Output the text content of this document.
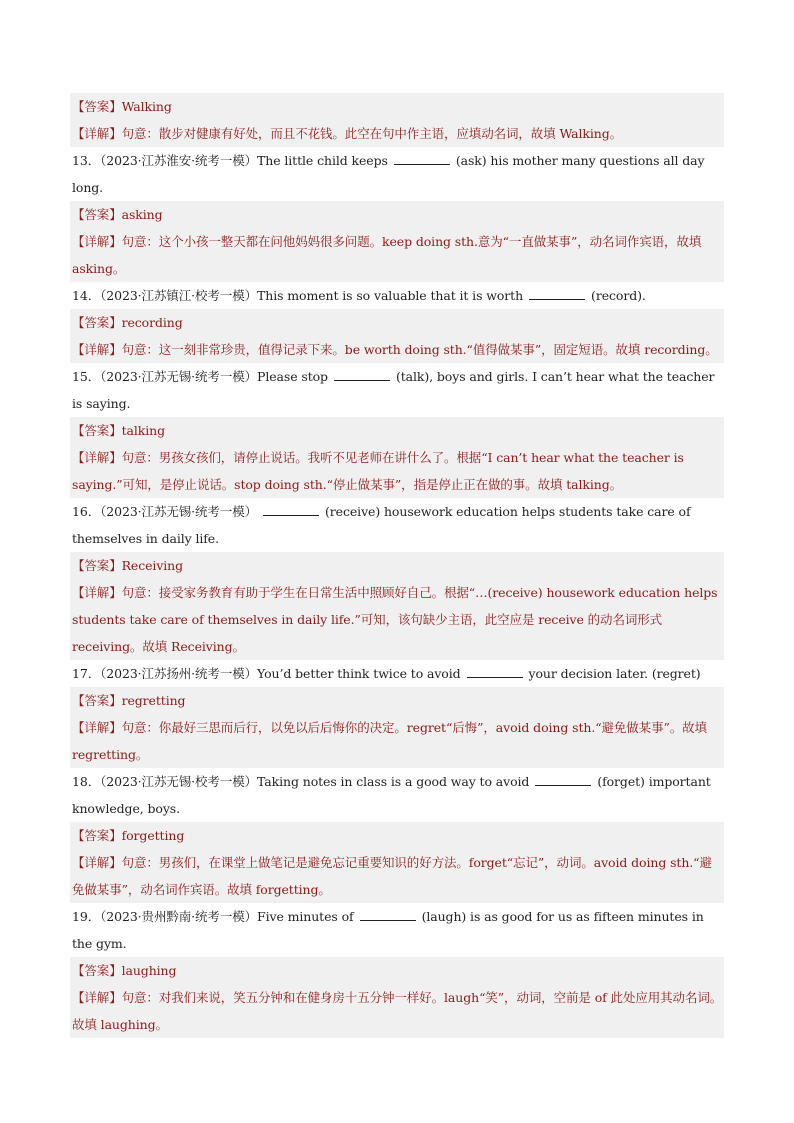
【答案】Walking
【详解】句意：散步对健康有好处，而且不花钱。此空在句中作主语，应填动名词，故填 Walking。
13．（2023·江苏淮安·统考一模）The little child keeps	(ask) his mother many questions all day long.
【答案】asking
【详解】句意：这个小孩一整天都在问他妈妈很多问题。keep doing sth.意为“一直做某事”，动名词作宾语，故填 asking。
14．（2023·江苏镇江·校考一模）This moment is so valuable that it is worth	(record).
【答案】recording
【详解】句意：这一刻非常珍贵，值得记录下来。be worth doing sth.“值得做某事”，固定短语。故填 recording。
15．（2023·江苏无锡·统考一模）Please stop	(talk), boys and girls. I can’t hear what the teacher is saying.
【答案】talking
【详解】句意：男孩女孩们，请停止说话。我听不见老师在讲什么了。根据“I can’t hear what the teacher is saying.”可知，是停止说话。stop doing sth.“停止做某事”，指是停止正在做的事。故填 talking。
16．（2023·江苏无锡·统考一模）	(receive) housework education helps students take care of themselves in daily life.
【答案】Receiving
【详解】句意：接受家务教育有助于学生在日常生活中照顾好自己。根据“…(receive) housework education helps students take care of themselves in daily life.”可知，该句缺少主语，此空应是 receive 的动名词形式 receiving。故填 Receiving。
17．（2023·江苏扬州·统考一模）You’d better think twice to avoid	your decision later. (regret)
【答案】regretting
【详解】句意：你最好三思而后行，以免以后后悔你的决定。regret“后悔”，avoid doing sth.“避免做某事”。故填 regretting。
18．（2023·江苏无锡·校考一模）Taking notes in class is a good way to avoid	(forget) important knowledge, boys.
【答案】forgetting
【详解】句意：男孩们，在课堂上做笔记是避免忘记重要知识的好方法。forget“忘记”，动词。avoid doing sth.“避免做某事”，动名词作宾语。故填 forgetting。
19．（2023·贵州黔南·统考一模）Five minutes of	(laugh) is as good for us as fifteen minutes in the gym.
【答案】laughing
【详解】句意：对我们来说，笑五分钟和在健身房十五分钟一样好。laugh“笑”，动词，空前是 of 此处应用其动名词。故填 laughing。
